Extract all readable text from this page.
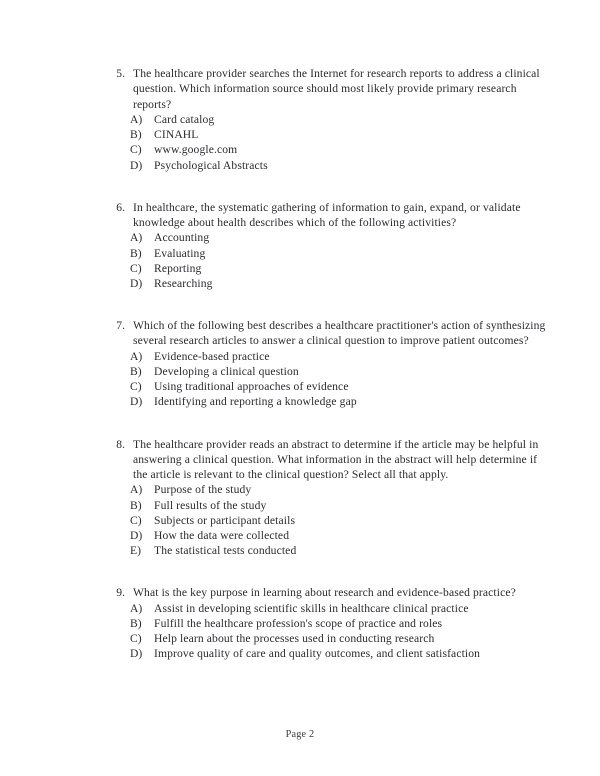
5. The healthcare provider searches the Internet for research reports to address a clinical question. Which information source should most likely provide primary research reports?
A)	Card catalog
B)	CINAHL
C)	www.google.com
D)	Psychological Abstracts
6. In healthcare, the systematic gathering of information to gain, expand, or validate knowledge about health describes which of the following activities?
A)	Accounting
B)	Evaluating
C)	Reporting
D)	Researching
7. Which of the following best describes a healthcare practitioner's action of synthesizing several research articles to answer a clinical question to improve patient outcomes?
A)	Evidence-based practice
B)	Developing a clinical question
C)	Using traditional approaches of evidence
D)	Identifying and reporting a knowledge gap
8. The healthcare provider reads an abstract to determine if the article may be helpful in answering a clinical question. What information in the abstract will help determine if the article is relevant to the clinical question? Select all that apply.
A)	Purpose of the study
B)	Full results of the study
C)	Subjects or participant details
D)	How the data were collected
E)	The statistical tests conducted
9. What is the key purpose in learning about research and evidence-based practice?
A)	Assist in developing scientific skills in healthcare clinical practice
B)	Fulfill the healthcare profession's scope of practice and roles
C)	Help learn about the processes used in conducting research
D)	Improve quality of care and quality outcomes, and client satisfaction
Page 2
